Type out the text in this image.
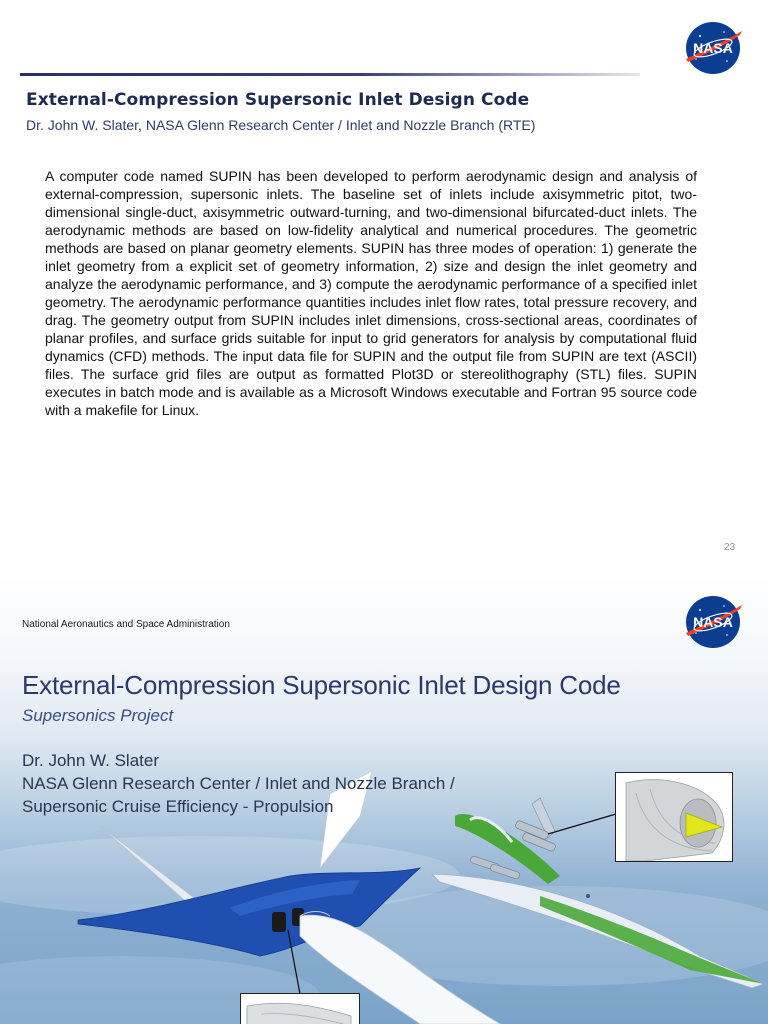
NASA
External-Compression Supersonic Inlet Design Code

Dr. John W. Slater, NASA Glenn Research Center / Inlet and Nozzle Branch (RTE)

A computer code named SUPIN has been developed to perform aerodynamic design and analysis of external-compression, supersonic inlets. The baseline set of inlets include axisymmetric pitot, two-dimensional single-duct, axisymmetric outward-turning, and two-dimensional bifurcated-duct inlets. The aerodynamic methods are based on low-fidelity analytical and numerical procedures. The geometric methods are based on planar geometry elements. SUPIN has three modes of operation: 1) generate the inlet geometry from a explicit set of geometry information, 2) size and design the inlet geometry and analyze the aerodynamic performance, and 3) compute the aerodynamic performance of a specified inlet geometry. The aerodynamic performance quantities includes inlet flow rates, total pressure recovery, and drag. The geometry output from SUPIN includes inlet dimensions, cross-sectional areas, coordinates of planar profiles, and surface grids suitable for input to grid generators for analysis by computational fluid dynamics (CFD) methods. The input data file for SUPIN and the output file from SUPIN are text (ASCII) files. The surface grid files are output as formatted Plot3D or stereolithography (STL) files. SUPIN executes in batch mode and is available as a Microsoft Windows executable and Fortran 95 source code with a makefile for Linux.

23
NASA

National Aeronautics and Space Administration

External-Compression Supersonic Inlet Design Code

Supersonics Project

Dr. John W. Slater
NASA Glenn Research Center / Inlet and Nozzle Branch /
Supersonic Cruise Efficiency - Propulsion
